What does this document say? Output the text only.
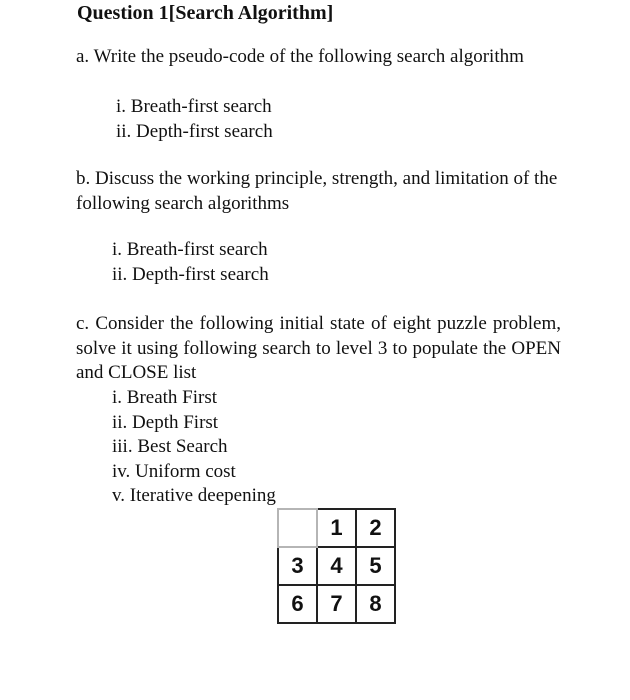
Question 1[Search Algorithm]

a. Write the pseudo-code of the following search algorithm

i. Breath-first search
ii. Depth-first search

b. Discuss the working principle, strength, and limitation of the following search algorithms

i. Breath-first search
ii. Depth-first search

c. Consider the following initial state of eight puzzle problem, solve it using following search to level 3 to populate the OPEN and CLOSE list

i. Breath First
ii. Depth First
iii. Best Search
iv. Uniform cost
v. Iterative deepening
	1	2
3	4	5
6	7	8
